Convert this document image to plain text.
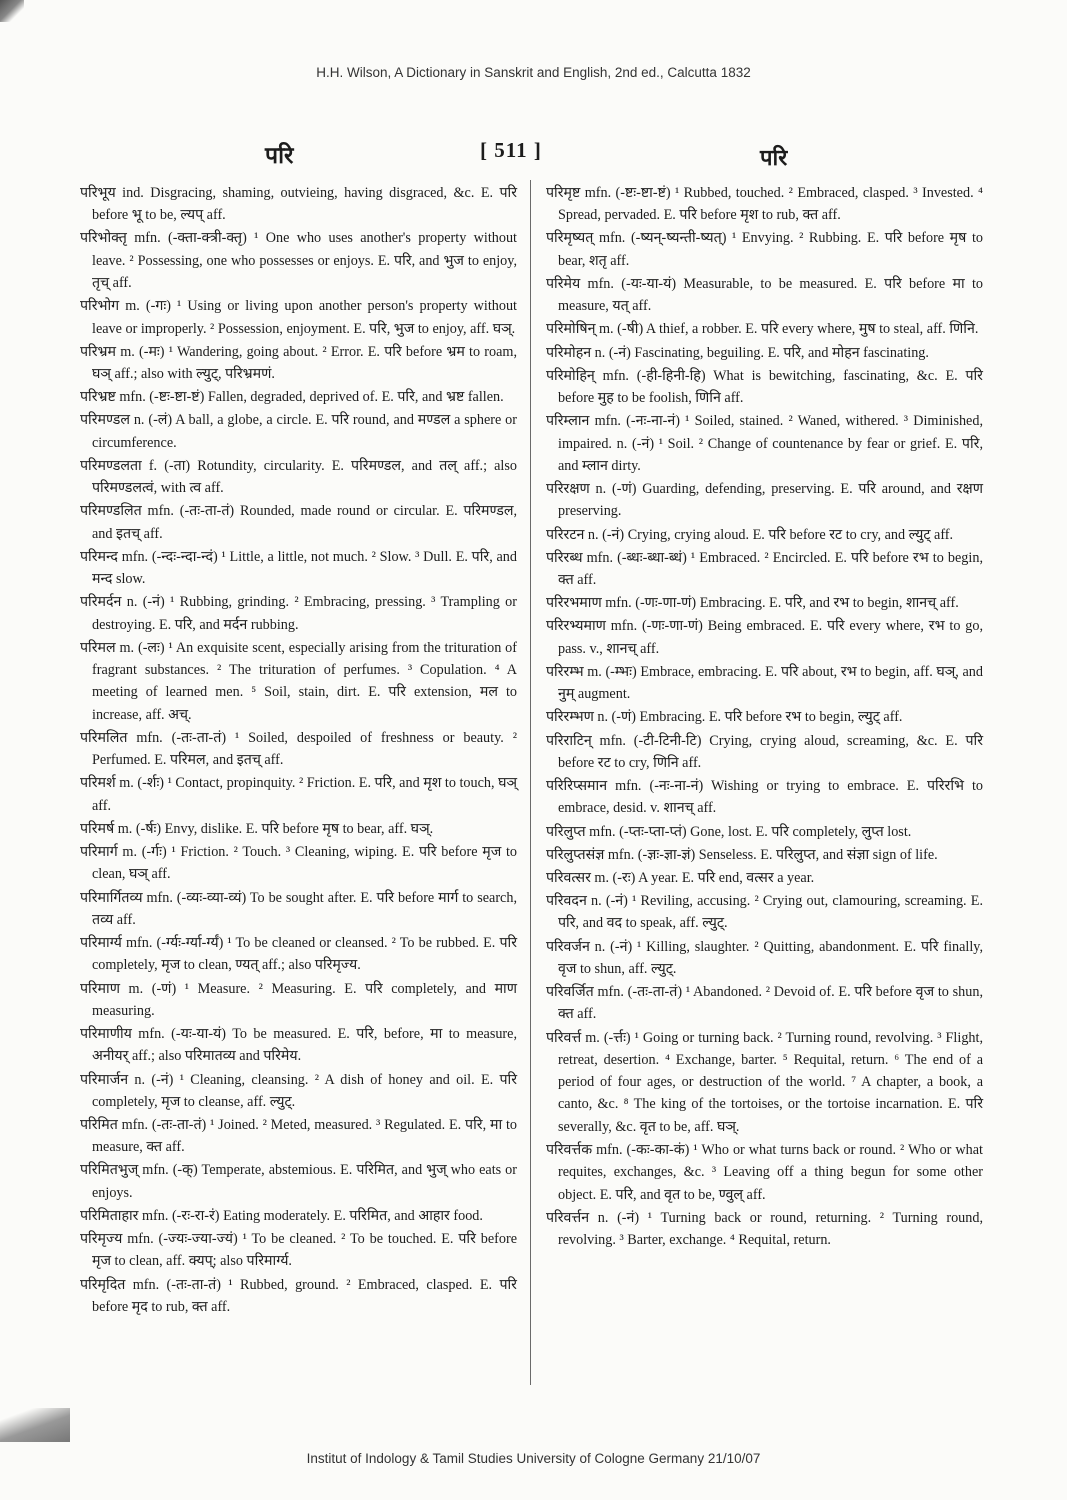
H.H. Wilson, A Dictionary in Sanskrit and English, 2nd ed., Calcutta 1832
परि	[ 511 ]	परि

परिभूय ind. Disgracing, shaming, outvieing, having disgraced, &c. E. परि before भू to be, ल्यप् aff.

परिभोक्तृ mfn. (-क्ता-क्त्री-क्तृ) ¹ One who uses another's property without leave. ² Possessing, one who possesses or enjoys. E. परि, and भुज to enjoy, तृच् aff.

परिभोग m. (-गः) ¹ Using or living upon another person's property without leave or improperly. ² Possession, enjoyment. E. परि, भुज to enjoy, aff. घञ्.

परिभ्रम m. (-मः) ¹ Wandering, going about. ² Error. E. परि before भ्रम to roam, घञ् aff.; also with ल्युट्, परिभ्रमणं.

परिभ्रष्ट mfn. (-ष्टः-ष्टा-ष्टं) Fallen, degraded, deprived of. E. परि, and भ्रष्ट fallen.

परिमण्डल n. (-लं) A ball, a globe, a circle. E. परि round, and मण्डल a sphere or circumference.

परिमण्डलता f. (-ता) Rotundity, circularity. E. परिमण्डल, and तल् aff.; also परिमण्डलत्वं, with त्व aff.

परिमण्डलित mfn. (-तः-ता-तं) Rounded, made round or circular. E. परिमण्डल, and इतच् aff.

परिमन्द mfn. (-न्दः-न्दा-न्दं) ¹ Little, a little, not much. ² Slow. ³ Dull. E. परि, and मन्द slow.

परिमर्दन n. (-नं) ¹ Rubbing, grinding. ² Embracing, pressing. ³ Trampling or destroying. E. परि, and मर्दन rubbing.

परिमल m. (-लः) ¹ An exquisite scent, especially arising from the trituration of fragrant substances. ² The trituration of perfumes. ³ Copulation. ⁴ A meeting of learned men. ⁵ Soil, stain, dirt. E. परि extension, मल to increase, aff. अच्.

परिमलित mfn. (-तः-ता-तं) ¹ Soiled, despoiled of freshness or beauty. ² Perfumed. E. परिमल, and इतच् aff.

परिमर्श m. (-र्शः) ¹ Contact, propinquity. ² Friction. E. परि, and मृश to touch, घञ् aff.

परिमर्ष m. (-र्षः) Envy, dislike. E. परि before मृष to bear, aff. घञ्.

परिमार्ग m. (-र्गः) ¹ Friction. ² Touch. ³ Cleaning, wiping. E. परि before मृज to clean, घञ् aff.

परिमार्गितव्य mfn. (-व्यः-व्या-व्यं) To be sought after. E. परि before मार्ग to search, तव्य aff.

परिमार्ग्य mfn. (-र्ग्यः-र्ग्या-र्ग्यं) ¹ To be cleaned or cleansed. ² To be rubbed. E. परि completely, मृज to clean, ण्यत् aff.; also परिमृज्य.

परिमाण m. (-णं) ¹ Measure. ² Measuring. E. परि completely, and माण measuring.

परिमाणीय mfn. (-यः-या-यं) To be measured. E. परि, before, मा to measure, अनीयर् aff.; also परिमातव्य and परिमेय.

परिमार्जन n. (-नं) ¹ Cleaning, cleansing. ² A dish of honey and oil. E. परि completely, मृज to cleanse, aff. ल्युट्.

परिमित mfn. (-तः-ता-तं) ¹ Joined. ² Meted, measured. ³ Regulated. E. परि, मा to measure, क्त aff.

परिमितभुज् mfn. (-क्) Temperate, abstemious. E. परिमित, and भुज् who eats or enjoys.

परिमिताहार mfn. (-रः-रा-रं) Eating moderately. E. परिमित, and आहार food.

परिमृज्य mfn. (-ज्यः-ज्या-ज्यं) ¹ To be cleaned. ² To be touched. E. परि before मृज to clean, aff. क्यप्; also परिमार्ग्य.

परिमृदित mfn. (-तः-ता-तं) ¹ Rubbed, ground. ² Embraced, clasped. E. परि before मृद to rub, क्त aff.

परिमृष्ट mfn. (-ष्टः-ष्टा-ष्टं) ¹ Rubbed, touched. ² Embraced, clasped. ³ Invested. ⁴ Spread, pervaded. E. परि before मृश to rub, क्त aff.

परिमृष्यत् mfn. (-ष्यन्-ष्यन्ती-ष्यत्) ¹ Envying. ² Rubbing. E. परि before मृष to bear, शतृ aff.

परिमेय mfn. (-यः-या-यं) Measurable, to be measured. E. परि before मा to measure, यत् aff.

परिमोषिन् m. (-षी) A thief, a robber. E. परि every where, मुष to steal, aff. णिनि.

परिमोहन n. (-नं) Fascinating, beguiling. E. परि, and मोहन fascinating.

परिमोहिन् mfn. (-ही-हिनी-हि) What is bewitching, fascinating, &c. E. परि before मुह to be foolish, णिनि aff.

परिम्लान mfn. (-नः-ना-नं) ¹ Soiled, stained. ² Waned, withered. ³ Diminished, impaired. n. (-नं) ¹ Soil. ² Change of countenance by fear or grief. E. परि, and म्लान dirty.

परिरक्षण n. (-णं) Guarding, defending, preserving. E. परि around, and रक्षण preserving.

परिरटन n. (-नं) Crying, crying aloud. E. परि before रट to cry, and ल्युट् aff.

परिरब्ध mfn. (-ब्धः-ब्धा-ब्धं) ¹ Embraced. ² Encircled. E. परि before रभ to begin, क्त aff.

परिरभमाण mfn. (-णः-णा-णं) Embracing. E. परि, and रभ to begin, शानच् aff.

परिरभ्यमाण mfn. (-णः-णा-णं) Being embraced. E. परि every where, रभ to go, pass. v., शानच् aff.

परिरम्भ m. (-म्भः) Embrace, embracing. E. परि about, रभ to begin, aff. घञ्, and नुम् augment.

परिरम्भण n. (-णं) Embracing. E. परि before रभ to begin, ल्युट् aff.

परिराटिन् mfn. (-टी-टिनी-टि) Crying, crying aloud, screaming, &c. E. परि before रट to cry, णिनि aff.

परिरिप्समान mfn. (-नः-ना-नं) Wishing or trying to embrace. E. परिरभि to embrace, desid. v. शानच् aff.

परिलुप्त mfn. (-प्तः-प्ता-प्तं) Gone, lost. E. परि completely, लुप्त lost.

परिलुप्तसंज्ञ mfn. (-ज्ञः-ज्ञा-ज्ञं) Senseless. E. परिलुप्त, and संज्ञा sign of life.

परिवत्सर m. (-रः) A year. E. परि end, वत्सर a year.

परिवदन n. (-नं) ¹ Reviling, accusing. ² Crying out, clamouring, screaming. E. परि, and वद to speak, aff. ल्युट्.

परिवर्जन n. (-नं) ¹ Killing, slaughter. ² Quitting, abandonment. E. परि finally, वृज to shun, aff. ल्युट्.

परिवर्जित mfn. (-तः-ता-तं) ¹ Abandoned. ² Devoid of. E. परि before वृज to shun, क्त aff.

परिवर्त्त m. (-र्त्तः) ¹ Going or turning back. ² Turning round, revolving. ³ Flight, retreat, desertion. ⁴ Exchange, barter. ⁵ Requital, return. ⁶ The end of a period of four ages, or destruction of the world. ⁷ A chapter, a book, a canto, &c. ⁸ The king of the tortoises, or the tortoise incarnation. E. परि severally, &c. वृत to be, aff. घञ्.

परिवर्त्तक mfn. (-कः-का-कं) ¹ Who or what turns back or round. ² Who or what requites, exchanges, &c. ³ Leaving off a thing begun for some other object. E. परि, and वृत to be, ण्वुल् aff.

परिवर्त्तन n. (-नं) ¹ Turning back or round, returning. ² Turning round, revolving. ³ Barter, exchange. ⁴ Requital, return.

Institut of Indology & Tamil Studies University of Cologne Germany 21/10/07
